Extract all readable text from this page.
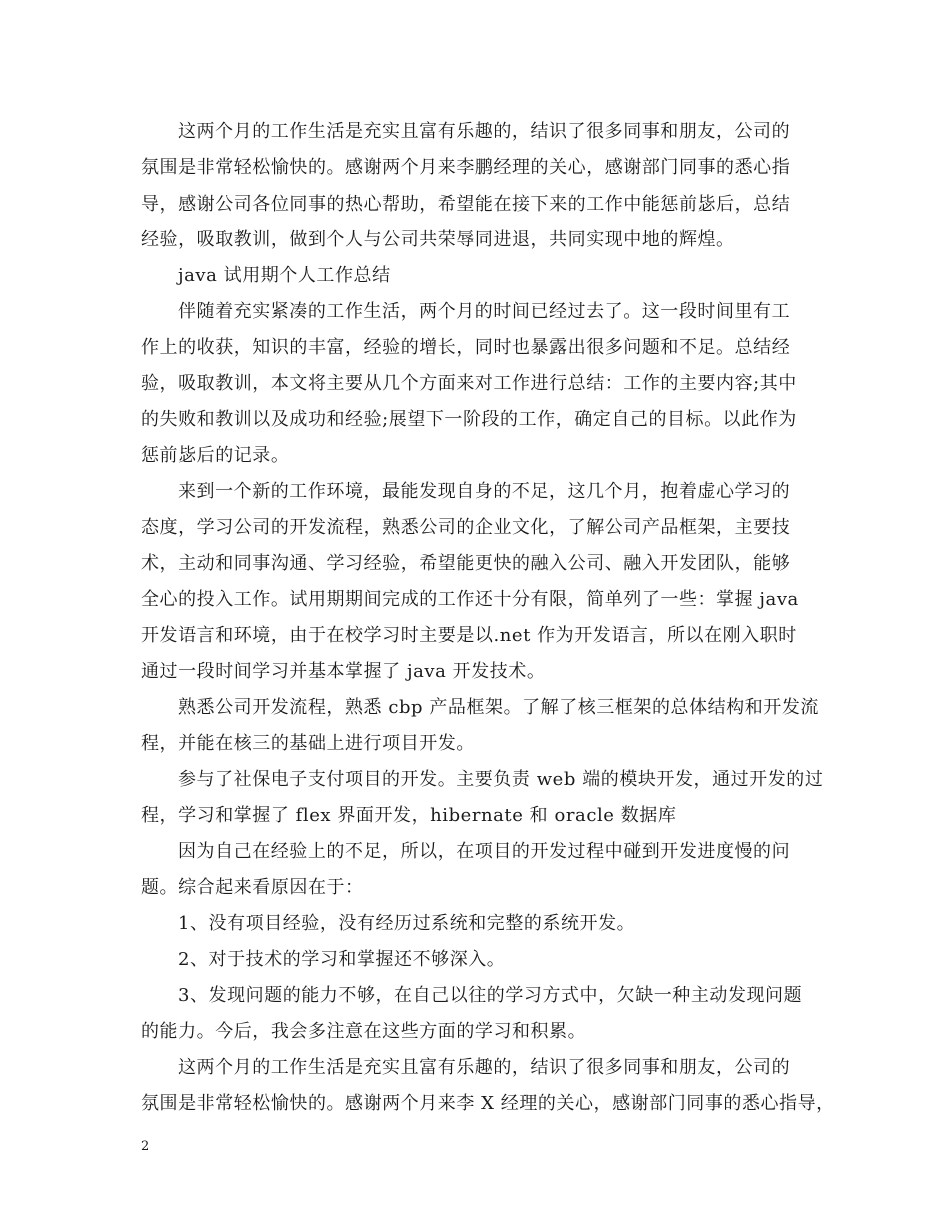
这两个月的工作生活是充实且富有乐趣的，结识了很多同事和朋友，公司的

氛围是非常轻松愉快的。感谢两个月来李鹏经理的关心，感谢部门同事的悉心指

导，感谢公司各位同事的热心帮助，希望能在接下来的工作中能惩前毖后，总结

经验，吸取教训，做到个人与公司共荣辱同进退，共同实现中地的辉煌。

java 试用期个人工作总结

伴随着充实紧凑的工作生活，两个月的时间已经过去了。这一段时间里有工

作上的收获，知识的丰富，经验的增长，同时也暴露出很多问题和不足。总结经

验，吸取教训，本文将主要从几个方面来对工作进行总结：工作的主要内容;其中

的失败和教训以及成功和经验;展望下一阶段的工作，确定自己的目标。以此作为

惩前毖后的记录。

来到一个新的工作环境，最能发现自身的不足，这几个月，抱着虚心学习的

态度，学习公司的开发流程，熟悉公司的企业文化，了解公司产品框架，主要技

术，主动和同事沟通、学习经验，希望能更快的融入公司、融入开发团队，能够

全心的投入工作。试用期期间完成的工作还十分有限，简单列了一些：掌握 java

开发语言和环境，由于在校学习时主要是以.net 作为开发语言，所以在刚入职时

通过一段时间学习并基本掌握了 java 开发技术。

熟悉公司开发流程，熟悉 cbp 产品框架。了解了核三框架的总体结构和开发流

程，并能在核三的基础上进行项目开发。

参与了社保电子支付项目的开发。主要负责 web 端的模块开发，通过开发的过

程，学习和掌握了 flex 界面开发，hibernate 和 oracle 数据库

因为自己在经验上的不足，所以，在项目的开发过程中碰到开发进度慢的问

题。综合起来看原因在于：

1、没有项目经验，没有经历过系统和完整的系统开发。

2、对于技术的学习和掌握还不够深入。

3、发现问题的能力不够，在自己以往的学习方式中，欠缺一种主动发现问题

的能力。今后，我会多注意在这些方面的学习和积累。

这两个月的工作生活是充实且富有乐趣的，结识了很多同事和朋友，公司的

氛围是非常轻松愉快的。感谢两个月来李 X 经理的关心，感谢部门同事的悉心指导，

2
